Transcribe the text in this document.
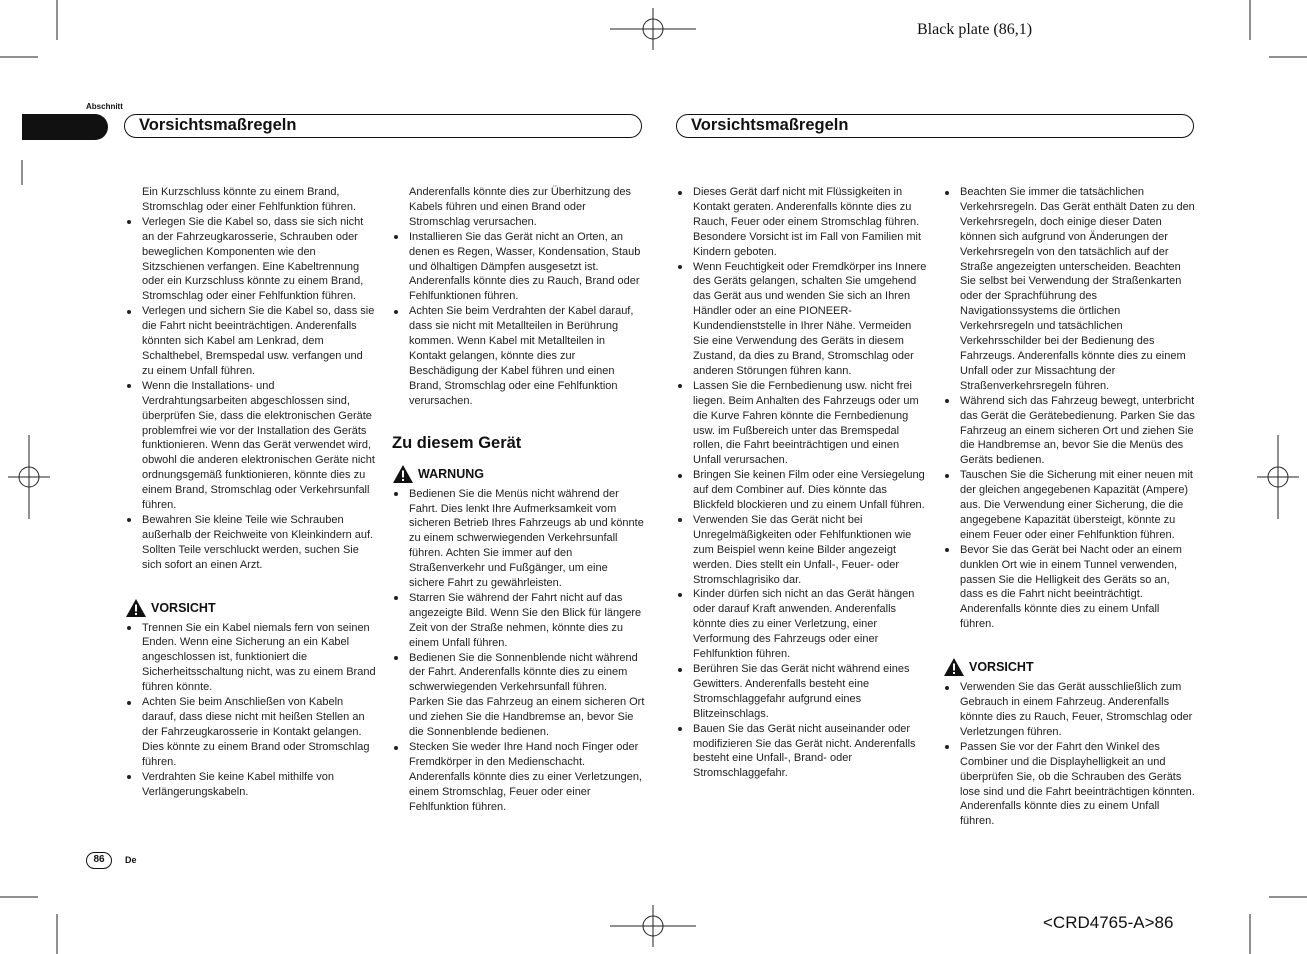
Black plate (86,1)
<CRD4765-A>86
Abschnitt
Vorsichtsmaßregeln	Vorsichtsmaßregeln

Ein Kurzschluss könnte zu einem Brand, Stromschlag oder einer Fehlfunktion führen.

Verlegen Sie die Kabel so, dass sie sich nicht an der Fahrzeugkarosserie, Schrauben oder beweglichen Komponenten wie den Sitzschienen verfangen. Eine Kabeltrennung oder ein Kurzschluss könnte zu einem Brand, Stromschlag oder einer Fehlfunktion führen.
Verlegen und sichern Sie die Kabel so, dass sie die Fahrt nicht beeinträchtigen. Anderenfalls könnten sich Kabel am Lenkrad, dem Schalthebel, Bremspedal usw. verfangen und zu einem Unfall führen.
Wenn die Installations- und Verdrahtungsarbeiten abgeschlossen sind, überprüfen Sie, dass die elektronischen Geräte problemfrei wie vor der Installation des Geräts funktionieren. Wenn das Gerät verwendet wird, obwohl die anderen elektronischen Geräte nicht ordnungsgemäß funktionieren, könnte dies zu einem Brand, Stromschlag oder Verkehrsunfall führen.
Bewahren Sie kleine Teile wie Schrauben außerhalb der Reichweite von Kleinkindern auf. Sollten Teile verschluckt werden, suchen Sie sich sofort an einen Arzt.
VORSICHT
Trennen Sie ein Kabel niemals fern von seinen Enden. Wenn eine Sicherung an ein Kabel angeschlossen ist, funktioniert die Sicherheitsschaltung nicht, was zu einem Brand führen könnte.
Achten Sie beim Anschließen von Kabeln darauf, dass diese nicht mit heißen Stellen an der Fahrzeugkarosserie in Kontakt gelangen. Dies könnte zu einem Brand oder Stromschlag führen.
Verdrahten Sie keine Kabel mithilfe von Verlängerungskabeln.

Anderenfalls könnte dies zur Überhitzung des Kabels führen und einen Brand oder Stromschlag verursachen.

Installieren Sie das Gerät nicht an Orten, an denen es Regen, Wasser, Kondensation, Staub und ölhaltigen Dämpfen ausgesetzt ist. Anderenfalls könnte dies zu Rauch, Brand oder Fehlfunktionen führen.
Achten Sie beim Verdrahten der Kabel darauf, dass sie nicht mit Metallteilen in Berührung kommen. Wenn Kabel mit Metallteilen in Kontakt gelangen, könnte dies zur Beschädigung der Kabel führen und einen Brand, Stromschlag oder eine Fehlfunktion verursachen.
Zu diesem Gerät
WARNUNG
Bedienen Sie die Menüs nicht während der Fahrt. Dies lenkt Ihre Aufmerksamkeit vom sicheren Betrieb Ihres Fahrzeugs ab und könnte zu einem schwerwiegenden Verkehrsunfall führen. Achten Sie immer auf den Straßenverkehr und Fußgänger, um eine sichere Fahrt zu gewährleisten.
Starren Sie während der Fahrt nicht auf das angezeigte Bild. Wenn Sie den Blick für längere Zeit von der Straße nehmen, könnte dies zu einem Unfall führen.
Bedienen Sie die Sonnenblende nicht während der Fahrt. Anderenfalls könnte dies zu einem schwerwiegenden Verkehrsunfall führen. Parken Sie das Fahrzeug an einem sicheren Ort und ziehen Sie die Handbremse an, bevor Sie die Sonnenblende bedienen.
Stecken Sie weder Ihre Hand noch Finger oder Fremdkörper in den Medienschacht. Anderenfalls könnte dies zu einer Verletzungen, einem Stromschlag, Feuer oder einer Fehlfunktion führen.
Dieses Gerät darf nicht mit Flüssigkeiten in Kontakt geraten. Anderenfalls könnte dies zu Rauch, Feuer oder einem Stromschlag führen. Besondere Vorsicht ist im Fall von Familien mit Kindern geboten.
Wenn Feuchtigkeit oder Fremdkörper ins Innere des Geräts gelangen, schalten Sie umgehend das Gerät aus und wenden Sie sich an Ihren Händler oder an eine PIONEER-Kundendienststelle in Ihrer Nähe. Vermeiden Sie eine Verwendung des Geräts in diesem Zustand, da dies zu Brand, Stromschlag oder anderen Störungen führen kann.
Lassen Sie die Fernbedienung usw. nicht frei liegen. Beim Anhalten des Fahrzeugs oder um die Kurve Fahren könnte die Fernbedienung usw. im Fußbereich unter das Bremspedal rollen, die Fahrt beeinträchtigen und einen Unfall verursachen.
Bringen Sie keinen Film oder eine Versiegelung auf dem Combiner auf. Dies könnte das Blickfeld blockieren und zu einem Unfall führen.
Verwenden Sie das Gerät nicht bei Unregelmäßigkeiten oder Fehlfunktionen wie zum Beispiel wenn keine Bilder angezeigt werden. Dies stellt ein Unfall-, Feuer- oder Stromschlagrisiko dar.
Kinder dürfen sich nicht an das Gerät hängen oder darauf Kraft anwenden. Anderenfalls könnte dies zu einer Verletzung, einer Verformung des Fahrzeugs oder einer Fehlfunktion führen.
Berühren Sie das Gerät nicht während eines Gewitters. Anderenfalls besteht eine Stromschlaggefahr aufgrund eines Blitzeinschlags.
Bauen Sie das Gerät nicht auseinander oder modifizieren Sie das Gerät nicht. Anderenfalls besteht eine Unfall-, Brand- oder Stromschlaggefahr.
Beachten Sie immer die tatsächlichen Verkehrsregeln. Das Gerät enthält Daten zu den Verkehrsregeln, doch einige dieser Daten können sich aufgrund von Änderungen der Verkehrsregeln von den tatsächlich auf der Straße angezeigten unterscheiden. Beachten Sie selbst bei Verwendung der Straßenkarten oder der Sprachführung des Navigationssystems die örtlichen Verkehrsregeln und tatsächlichen Verkehrsschilder bei der Bedienung des Fahrzeugs. Anderenfalls könnte dies zu einem Unfall oder zur Missachtung der Straßenverkehrsregeln führen.
Während sich das Fahrzeug bewegt, unterbricht das Gerät die Gerätebedienung. Parken Sie das Fahrzeug an einem sicheren Ort und ziehen Sie die Handbremse an, bevor Sie die Menüs des Geräts bedienen.
Tauschen Sie die Sicherung mit einer neuen mit der gleichen angegebenen Kapazität (Ampere) aus. Die Verwendung einer Sicherung, die die angegebene Kapazität übersteigt, könnte zu einem Feuer oder einer Fehlfunktion führen.
Bevor Sie das Gerät bei Nacht oder an einem dunklen Ort wie in einem Tunnel verwenden, passen Sie die Helligkeit des Geräts so an, dass es die Fahrt nicht beeinträchtigt. Anderenfalls könnte dies zu einem Unfall führen.
VORSICHT
Verwenden Sie das Gerät ausschließlich zum Gebrauch in einem Fahrzeug. Anderenfalls könnte dies zu Rauch, Feuer, Stromschlag oder Verletzungen führen.
Passen Sie vor der Fahrt den Winkel des Combiner und die Displayhelligkeit an und überprüfen Sie, ob die Schrauben des Geräts lose sind und die Fahrt beeinträchtigen könnten. Anderenfalls könnte dies zu einem Unfall führen.
86	De
